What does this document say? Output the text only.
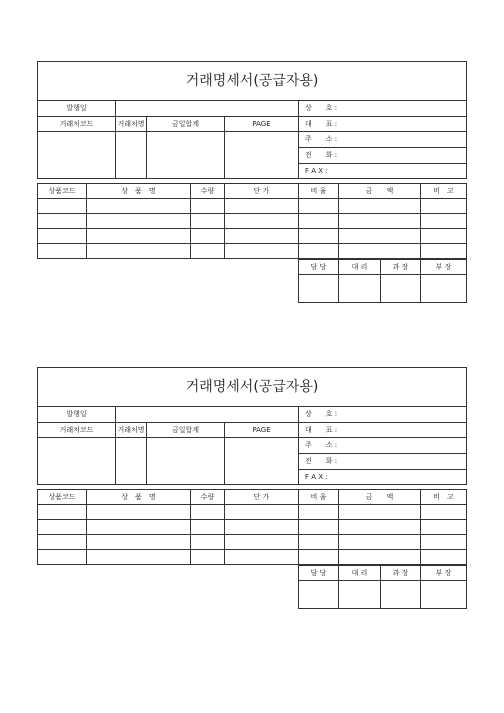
거래명세서(공급자용)				
발행일				상　　호 :
거래처코드	거래처명	금일합계	PAGE	대　　표 :
				주　　소 :
				전　　화 :
				F A X :
상품코드	상　품　명	수량	단 가	비 율	금　　액	비　고

담 당	대 리	과 장	부 장

거래명세서(공급자용)				
발행일				상　　호 :
거래처코드	거래처명	금일합계	PAGE	대　　표 :
				주　　소 :
				전　　화 :
				F A X :
상품코드	상　품　명	수량	단 가	비 율	금　　액	비　고

담 당	대 리	과 장	부 장
